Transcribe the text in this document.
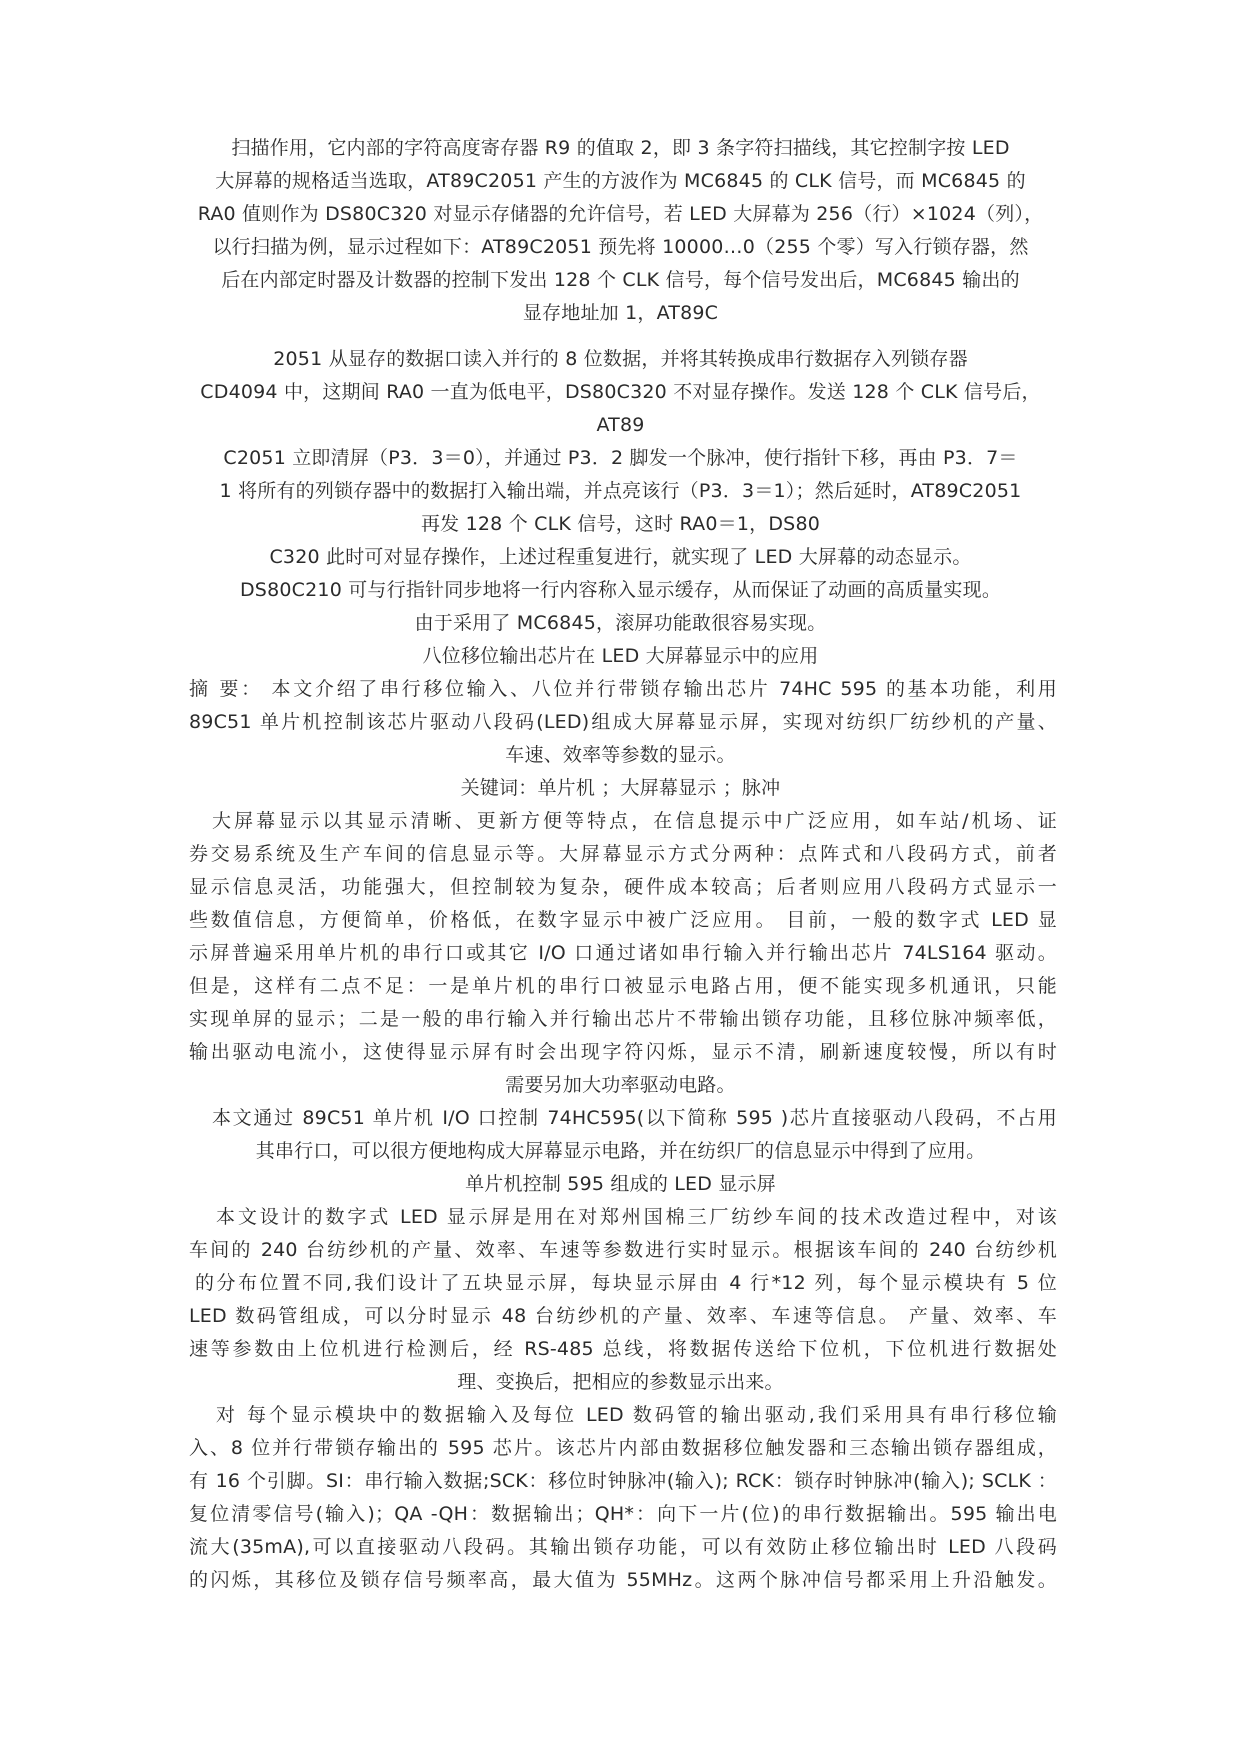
扫描作用，它内部的字符高度寄存器 R9 的值取 2，即 3 条字符扫描线，其它控制字按 LED
大屏幕的规格适当选取，AT89C2051 产生的方波作为 MC6845 的 CLK 信号，而 MC6845 的
RA0 值则作为 DS80C320 对显示存储器的允许信号，若 LED 大屏幕为 256（行）×1024（列），
以行扫描为例，显示过程如下：AT89C2051 预先将 10000…0（255 个零）写入行锁存器，然
后在内部定时器及计数器的控制下发出 128 个 CLK 信号，每个信号发出后，MC6845 输出的
显存地址加 1，AT89C
2051 从显存的数据口读入并行的 8 位数据，并将其转换成串行数据存入列锁存器
CD4094 中，这期间 RA0 一直为低电平，DS80C320 不对显存操作。发送 128 个 CLK 信号后，
AT89
C2051 立即清屏（P3．3＝0），并通过 P3．2 脚发一个脉冲，使行指针下移，再由 P3．7＝
1 将所有的列锁存器中的数据打入输出端，并点亮该行（P3．3＝1）；然后延时，AT89C2051
再发 128 个 CLK 信号，这时 RA0＝1，DS80
C320 此时可对显存操作，上述过程重复进行，就实现了 LED 大屏幕的动态显示。
DS80C210 可与行指针同步地将一行内容称入显示缓存，从而保证了动画的高质量实现。
由于采用了 MC6845，滚屏功能敢很容易实现。
八位移位输出芯片在 LED 大屏幕显示中的应用
摘 要： 本文介绍了串行移位输入、八位并行带锁存输出芯片 74HC 595 的基本功能，利用
89C51 单片机控制该芯片驱动八段码(LED)组成大屏幕显示屏，实现对纺织厂纺纱机的产量、
车速、效率等参数的显示。
关键词：单片机 ；大屏幕显示 ；脉冲
大屏幕显示以其显示清晰、更新方便等特点，在信息提示中广泛应用，如车站/机场、证
券交易系统及生产车间的信息显示等。大屏幕显示方式分两种：点阵式和八段码方式，前者
显示信息灵活，功能强大，但控制较为复杂，硬件成本较高；后者则应用八段码方式显示一
些数值信息，方便简单，价格低，在数字显示中被广泛应用。 目前，一般的数字式 LED 显
示屏普遍采用单片机的串行口或其它 I/O 口通过诸如串行输入并行输出芯片 74LS164 驱动。
但是，这样有二点不足：一是单片机的串行口被显示电路占用，便不能实现多机通讯，只能
实现单屏的显示；二是一般的串行输入并行输出芯片不带输出锁存功能，且移位脉冲频率低，
输出驱动电流小，这使得显示屏有时会出现字符闪烁，显示不清，刷新速度较慢，所以有时
需要另加大功率驱动电路。
本文通过 89C51 单片机 I/O 口控制 74HC595(以下简称 595 )芯片直接驱动八段码，不占用
其串行口，可以很方便地构成大屏幕显示电路，并在纺织厂的信息显示中得到了应用。
单片机控制 595 组成的 LED 显示屏
本文设计的数字式 LED 显示屏是用在对郑州国棉三厂纺纱车间的技术改造过程中，对该
车间的 240 台纺纱机的产量、效率、车速等参数进行实时显示。根据该车间的 240 台纺纱机
的分布位置不同,我们设计了五块显示屏，每块显示屏由 4 行*12 列，每个显示模块有 5 位
LED 数码管组成，可以分时显示 48 台纺纱机的产量、效率、车速等信息。 产量、效率、车
速等参数由上位机进行检测后，经 RS-485 总线，将数据传送给下位机，下位机进行数据处
理、变换后，把相应的参数显示出来。
对 每个显示模块中的数据输入及每位 LED 数码管的输出驱动,我们采用具有串行移位输
入、8 位并行带锁存输出的 595 芯片。该芯片内部由数据移位触发器和三态输出锁存器组成，
有 16 个引脚。SI：串行输入数据;SCK：移位时钟脉冲(输入); RCK：锁存时钟脉冲(输入); SCLK ：
复位清零信号(输入)；QA -QH：数据输出；QH*：向下一片(位)的串行数据输出。595 输出电
流大(35mA),可以直接驱动八段码。其输出锁存功能，可以有效防止移位输出时 LED 八段码
的闪烁，其移位及锁存信号频率高，最大值为 55MHz。这两个脉冲信号都采用上升沿触发。
